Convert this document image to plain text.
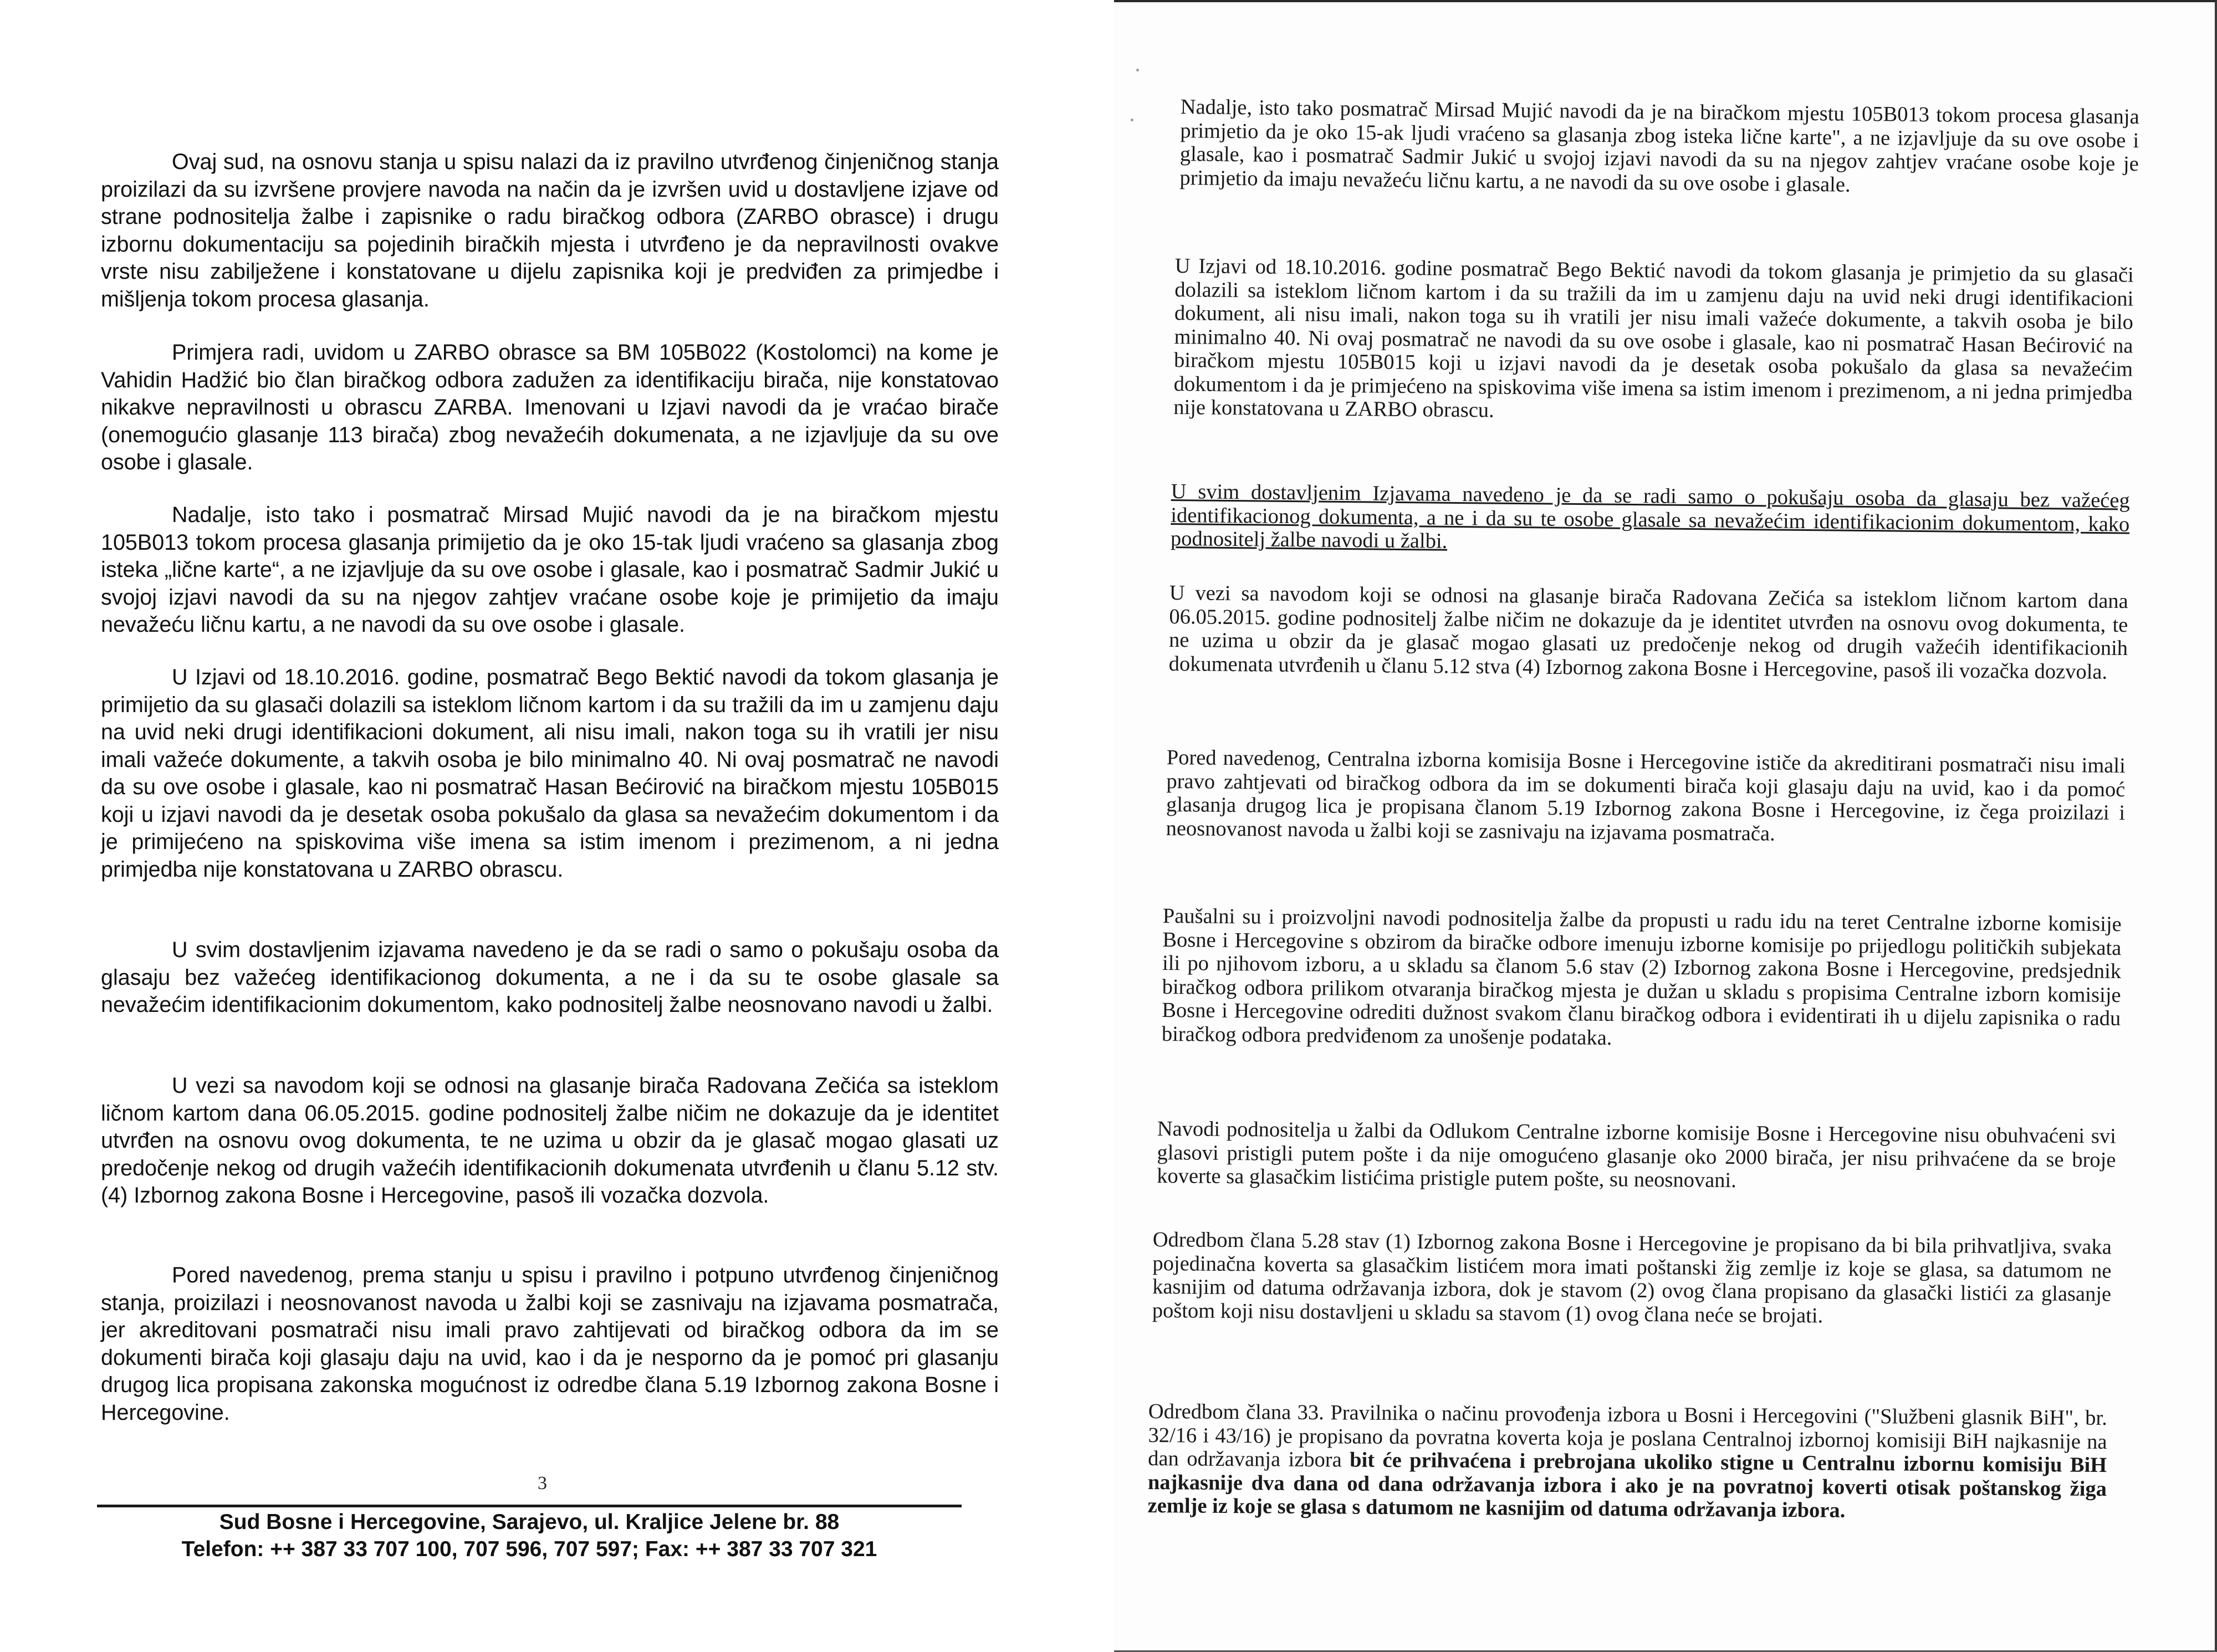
Ovaj sud, na osnovu stanja u spisu nalazi da iz pravilno utvrđenog činjeničnog stanja proizilazi da su izvršene provjere navoda na način da je izvršen uvid u dostavljene izjave od strane podnositelja žalbe i zapisnike o radu biračkog odbora (ZARBO obrasce) i drugu izbornu dokumentaciju sa pojedinih biračkih mjesta i utvrđeno je da nepravilnosti ovakve vrste nisu zabilježene i konstatovane u dijelu zapisnika koji je predviđen za primjedbe i mišljenja tokom procesa glasanja.

Primjera radi, uvidom u ZARBO obrasce sa BM 105B022 (Kostolomci) na kome je Vahidin Hadžić bio član biračkog odbora zadužen za identifikaciju birača, nije konstatovao nikakve nepravilnosti u obrascu ZARBA. Imenovani u Izjavi navodi da je vraćao birače (onemogućio glasanje 113 birača) zbog nevažećih dokumenata, a ne izjavljuje da su ove osobe i glasale.

Nadalje, isto tako i posmatrač Mirsad Mujić navodi da je na biračkom mjestu 105B013 tokom procesa glasanja primijetio da je oko 15-tak ljudi vraćeno sa glasanja zbog isteka „lične karte“, a ne izjavljuje da su ove osobe i glasale, kao i posmatrač Sadmir Jukić u svojoj izjavi navodi da su na njegov zahtjev vraćane osobe koje je primijetio da imaju nevažeću ličnu kartu, a ne navodi da su ove osobe i glasale.

U Izjavi od 18.10.2016. godine, posmatrač Bego Bektić navodi da tokom glasanja je primijetio da su glasači dolazili sa isteklom ličnom kartom i da su tražili da im u zamjenu daju na uvid neki drugi identifikacioni dokument, ali nisu imali, nakon toga su ih vratili jer nisu imali važeće dokumente, a takvih osoba je bilo minimalno 40. Ni ovaj posmatrač ne navodi da su ove osobe i glasale, kao ni posmatrač Hasan Bećirović na biračkom mjestu 105B015 koji u izjavi navodi da je desetak osoba pokušalo da glasa sa nevažećim dokumentom i da je primijećeno na spiskovima više imena sa istim imenom i prezimenom, a ni jedna primjedba nije konstatovana u ZARBO obrascu.

U svim dostavljenim izjavama navedeno je da se radi o samo o pokušaju osoba da glasaju bez važećeg identifikacionog dokumenta, a ne i da su te osobe glasale sa nevažećim identifikacionim dokumentom, kako podnositelj žalbe neosnovano navodi u žalbi.

U vezi sa navodom koji se odnosi na glasanje birača Radovana Zečića sa isteklom ličnom kartom dana 06.05.2015. godine podnositelj žalbe ničim ne dokazuje da je identitet utvrđen na osnovu ovog dokumenta, te ne uzima u obzir da je glasač mogao glasati uz predočenje nekog od drugih važećih identifikacionih dokumenata utvrđenih u članu 5.12 stv.(4) Izbornog zakona Bosne i Hercegovine, pasoš ili vozačka dozvola.

Pored navedenog, prema stanju u spisu i pravilno i potpuno utvrđenog činjeničnog stanja, proizilazi i neosnovanost navoda u žalbi koji se zasnivaju na izjavama posmatrača, jer akreditovani posmatrači nisu imali pravo zahtijevati od biračkog odbora da im se dokumenti birača koji glasaju daju na uvid, kao i da je nesporno da je pomoć pri glasanju drugog lica propisana zakonska mogućnost iz odredbe člana 5.19 Izbornog zakona Bosne i Hercegovine.

3
Sud Bosne i Hercegovine, Sarajevo, ul. Kraljice Jelene br. 88
Telefon: ++ 387 33 707 100, 707 596, 707 597; Fax: ++ 387 33 707 321

Nadalje, isto tako posmatrač Mirsad Mujić navodi da je na biračkom mjestu 105B013 tokom procesa glasanja primjetio da je oko 15-ak ljudi vraćeno sa glasanja zbog isteka lične karte", a ne izjavljuje da su ove osobe i glasale, kao i posmatrač Sadmir Jukić u svojoj izjavi navodi da su na njegov zahtjev vraćane osobe koje je primjetio da imaju nevažeću ličnu kartu, a ne navodi da su ove osobe i glasale.

U Izjavi od 18.10.2016. godine posmatrač Bego Bektić navodi da tokom glasanja je primjetio da su glasači dolazili sa isteklom ličnom kartom i da su tražili da im u zamjenu daju na uvid neki drugi identifikacioni dokument, ali nisu imali, nakon toga su ih vratili jer nisu imali važeće dokumente, a takvih osoba je bilo minimalno 40. Ni ovaj posmatrač ne navodi da su ove osobe i glasale, kao ni posmatrač Hasan Bećirović na biračkom mjestu 105B015 koji u izjavi navodi da je desetak osoba pokušalo da glasa sa nevažećim dokumentom i da je primjećeno na spiskovima više imena sa istim imenom i prezimenom, a ni jedna primjedba nije konstatovana u ZARBO obrascu.

U svim dostavljenim Izjavama navedeno je da se radi samo o pokušaju osoba da glasaju bez važećeg identifikacionog dokumenta, a ne i da su te osobe glasale sa nevažećim identifikacionim dokumentom, kako podnositelj žalbe navodi u žalbi.

U vezi sa navodom koji se odnosi na glasanje birača Radovana Zečića sa isteklom ličnom kartom dana 06.05.2015. godine podnositelj žalbe ničim ne dokazuje da je identitet utvrđen na osnovu ovog dokumenta, te ne uzima u obzir da je glasač mogao glasati uz predočenje nekog od drugih važećih identifikacionih dokumenata utvrđenih u članu 5.12 stva (4) Izbornog zakona Bosne i Hercegovine, pasoš ili vozačka dozvola.

Pored navedenog, Centralna izborna komisija Bosne i Hercegovine ističe da akreditirani posmatrači nisu imali pravo zahtjevati od biračkog odbora da im se dokumenti birača koji glasaju daju na uvid, kao i da pomoć glasanja drugog lica je propisana članom 5.19 Izbornog zakona Bosne i Hercegovine, iz čega proizilazi i neosnovanost navoda u žalbi koji se zasnivaju na izjavama posmatrača.

Paušalni su i proizvoljni navodi podnositelja žalbe da propusti u radu idu na teret Centralne izborne komisije Bosne i Hercegovine s obzirom da biračke odbore imenuju izborne komisije po prijedlogu političkih subjekata ili po njihovom izboru, a u skladu sa članom 5.6 stav (2) Izbornog zakona Bosne i Hercegovine, predsjednik biračkog odbora prilikom otvaranja biračkog mjesta je dužan u skladu s propisima Centralne izborn komisije Bosne i Hercegovine odrediti dužnost svakom članu biračkog odbora i evidentirati ih u dijelu zapisnika o radu biračkog odbora predviđenom za unošenje podataka.

Navodi podnositelja u žalbi da Odlukom Centralne izborne komisije Bosne i Hercegovine nisu obuhvaćeni svi glasovi pristigli putem pošte i da nije omogućeno glasanje oko 2000 birača, jer nisu prihvaćene da se broje koverte sa glasačkim listićima pristigle putem pošte, su neosnovani.

Odredbom člana 5.28 stav (1) Izbornog zakona Bosne i Hercegovine je propisano da bi bila prihvatljiva, svaka pojedinačna koverta sa glasačkim listićem mora imati poštanski žig zemlje iz koje se glasa, sa datumom ne kasnijim od datuma održavanja izbora, dok je stavom (2) ovog člana propisano da glasački listići za glasanje poštom koji nisu dostavljeni u skladu sa stavom (1) ovog člana neće se brojati.

Odredbom člana 33. Pravilnika o načinu provođenja izbora u Bosni i Hercegovini ("Službeni glasnik BiH", br. 32/16 i 43/16) je propisano da povratna koverta koja je poslana Centralnoj izbornoj komisiji BiH najkasnije na dan održavanja izbora bit će prihvaćena i prebrojana ukoliko stigne u Centralnu izbornu komisiju BiH najkasnije dva dana od dana održavanja izbora i ako je na povratnoj koverti otisak poštanskog žiga zemlje iz koje se glasa s datumom ne kasnijim od datuma održavanja izbora.
